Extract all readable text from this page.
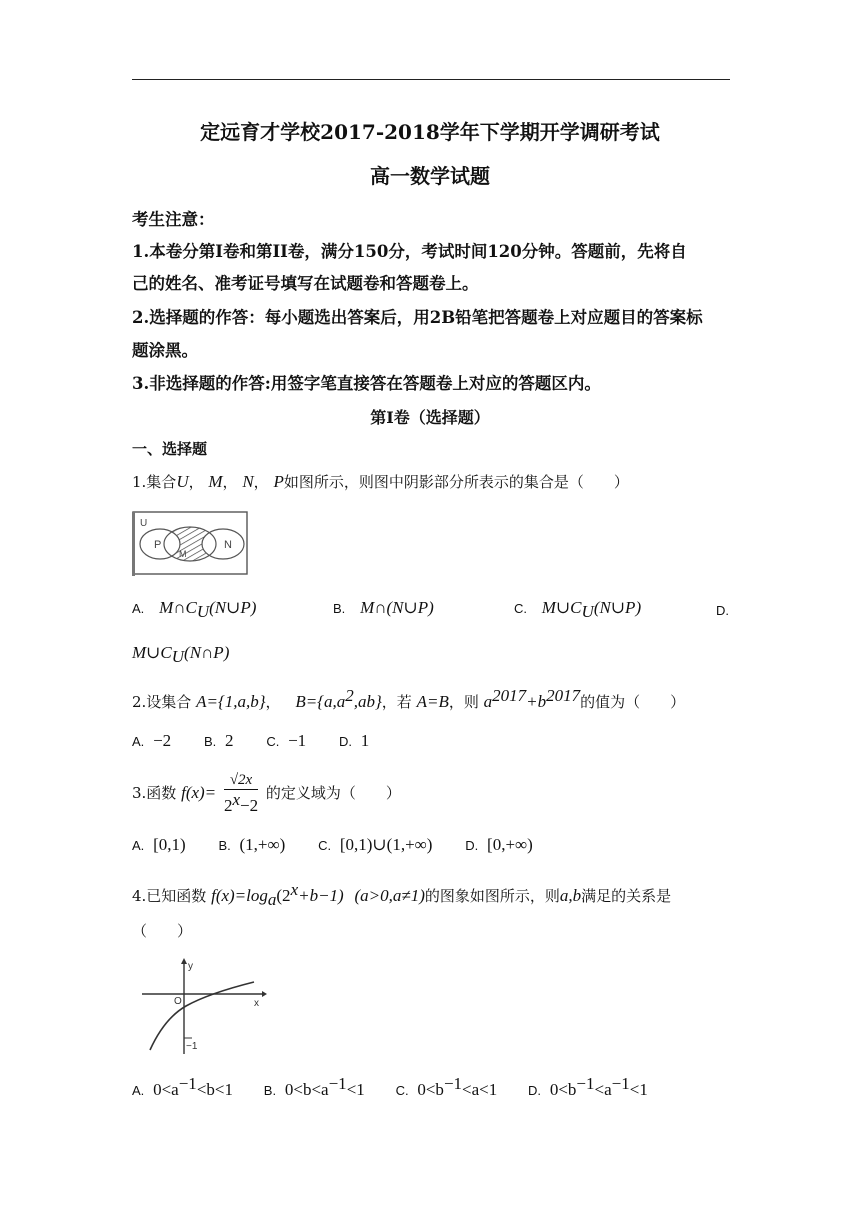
定远育才学校2017-2018学年下学期开学调研考试
高一数学试题
考生注意：
1.本卷分第Ⅰ卷和第II卷，满分150分，考试时间120分钟。答题前，先将自
己的姓名、准考证号填写在试题卷和答题卷上。
2.选择题的作答：每小题选出答案后，用2B铅笔把答题卷上对应题目的答案标
题涂黑。
3.非选择题的作答:用签字笔直接答在答题卷上对应的答题区内。
第I卷（选择题）
一、选择题
1.集合U， M， N， P如图所示，则图中阴影部分所表示的集合是（　　）
U
P	N
M
A. $M\cap C_U(N\cup P)$	B. M∩(N∪P)	C. $M\cup C_U(N\cup P)$	D.
$M\cup C_U(N\cap P)$
2.设集合 A={1,a,b}， $B=\{a,a^2,ab\}$，若 A=B，则 $a^{2017}+b^{2017}$的值为（　　）
A. −2	B. 2	C. −1	D. 1
3.函数 $f(x)= \frac{√2x}{2^x-2}$ 的定义域为（　　）
A. [0,1)	B. (1,+∞)	C. [0,1)∪(1,+∞)	D. [0,+∞)
4.已知函数 $f(x)=\log_a(2^x+b-1)$ (a>0,a≠1)的图象如图所示，则a,b满足的关系是
（　　）
y
O	x
−1
A. $0<a^{-1}<b<1$ B. $0<b<a^{-1}<1$ C. $0<b^{-1}<a<1$ D. $0<b^{-1}<a^{-1}<1$
